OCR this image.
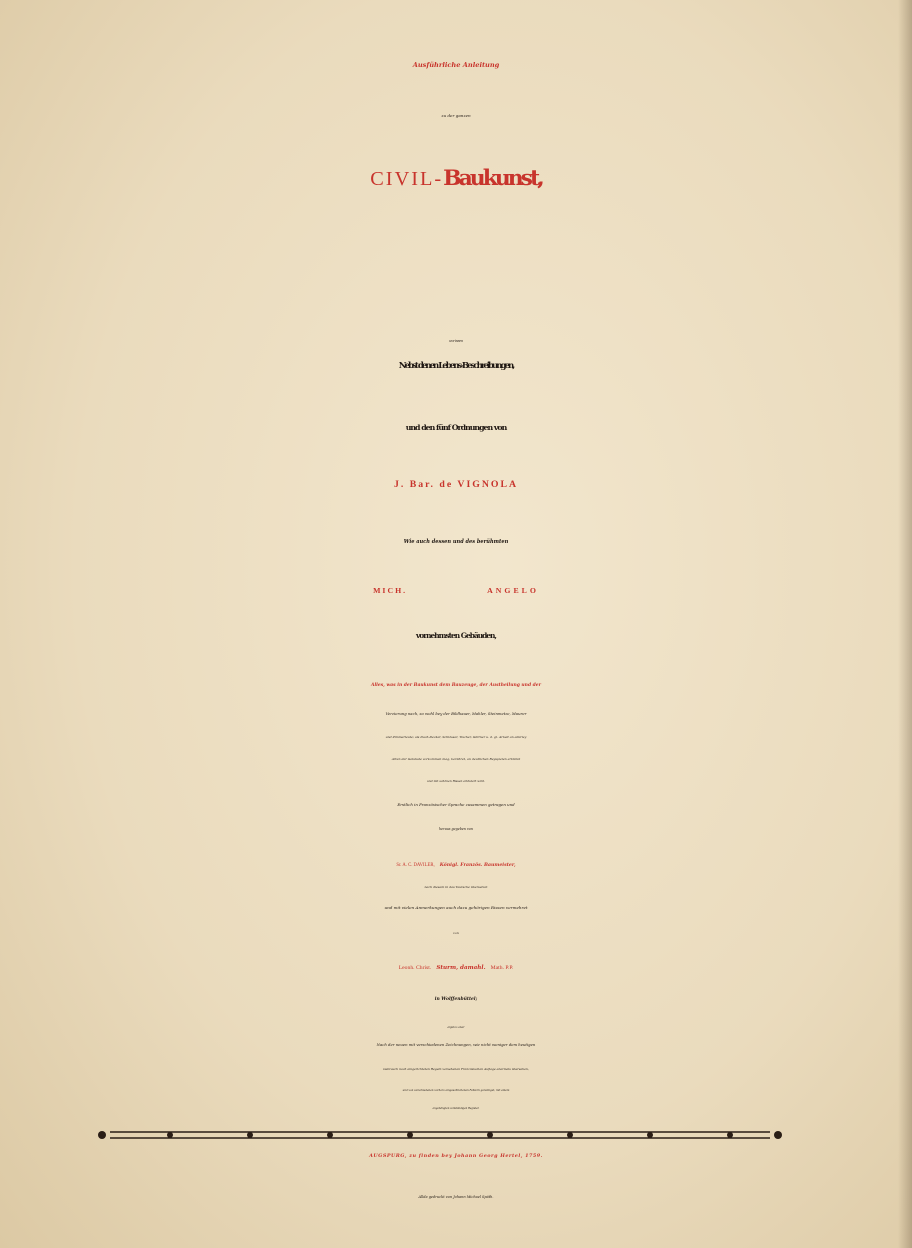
Ausführliche Anleitung
zu der ganzen
CIVIL-Baukunst,
worinnen
Nebst denen Lebens-Beschreibungen,
und den fünf Ordnungen von
J. Bar. de VIGNOLA
Wie auch dessen und des berühmten
MICH.	ANGELO
vornehmsten Gebäuden,
Alles, was in der Baukunst dem Bauzeuge, der Austheilung und der
Verzierung nach, so wohl bey der Bildhauer, Mahler, Steinmetze, Maurer
und Zimmerleute; als Dach-Decker, Schlösser, Tischer, Gärtner u. d. gl. Arbeit an allerley
Arten der Gebäude vorkommen mag, berühret, an deutlichen Beyspielen erkläret
und mit schönen Rissen erläutert wird.
Erstlich in Französischer Sprache zusammen getragen und
heraus gegeben von
Sr. A. C. DAVILER, Königl. Französ. Baumeister,
nach diesem in das Teutsche übersetzet
und mit vielen Anmerkungen auch dazu gehörigen Rissen vermehret
von
Leonh. Christ. Sturm, damahl. Math. P.P.
in Wolffenbüttel;
anjetzo aber
Nach der neuen mit verschiedenen Zeichnungen, wie nicht weniger dem heutigen
Gebrauch nach eingerichteten Regeln versehenen Französischen Auflage abermals übersehen,
und von verschiedenen vorhero eingeschlichenen Fehlern gereiniget, mit einem
angehängten vollständigen Register.
AUGSPURG, zu finden bey Johann Georg Hertel, 1759.
Allda gedruckt von Johann Michael Späth.
